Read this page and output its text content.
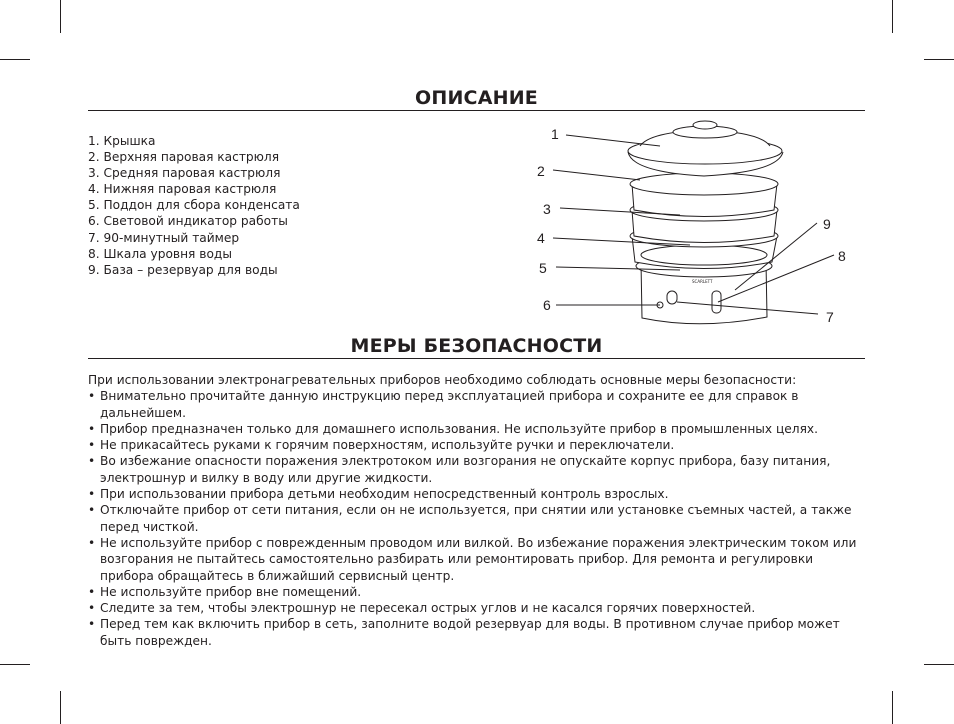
ОПИСАНИЕ
1. Крышка
2. Верхняя паровая кастрюля
3. Средняя паровая кастрюля
4. Нижняя паровая кастрюля
5. Поддон для сбора конденсата
6. Световой индикатор работы
7. 90-минутный таймер
8. Шкала уровня воды
9. База – резервуар для воды
1
2
3
4
5
6
9
8
7
SCARLETT
МЕРЫ БЕЗОПАСНОСТИ

При использовании электронагревательных приборов необходимо соблюдать основные меры безопасности:

• Внимательно прочитайте данную инструкцию перед эксплуатацией прибора и сохраните ее для справок в дальнейшем.
• Прибор предназначен только для домашнего использования. Не используйте прибор в промышленных целях.
• Не прикасайтесь руками к горячим поверхностям, используйте ручки и переключатели.
• Во избежание опасности поражения электротоком или возгорания не опускайте корпус прибора, базу питания, электрошнур и вилку в воду или другие жидкости.
• При использовании прибора детьми необходим непосредственный контроль взрослых.
• Отключайте прибор от сети питания, если он не используется, при снятии или установке съемных частей, а также перед чисткой.
• Не используйте прибор с поврежденным проводом или вилкой. Во избежание поражения электрическим током или возгорания не пытайтесь самостоятельно разбирать или ремонтировать прибор. Для ремонта и регулировки прибора обращайтесь в ближайший сервисный центр.
• Не используйте прибор вне помещений.
• Следите за тем, чтобы электрошнур не пересекал острых углов и не касался горячих поверхностей.
• Перед тем как включить прибор в сеть, заполните водой резервуар для воды. В противном случае прибор может быть поврежден.
